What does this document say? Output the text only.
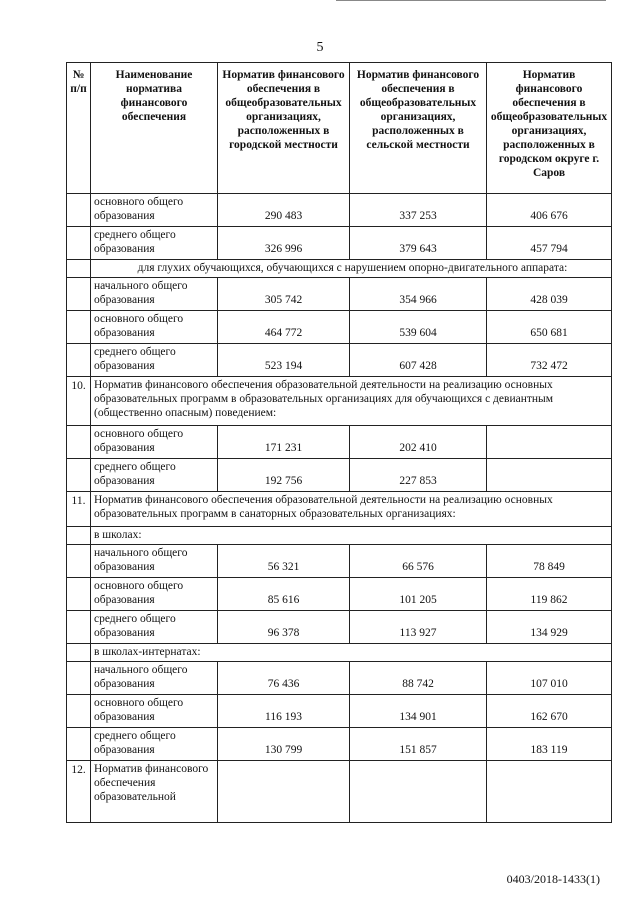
5
№ п/п	Наименование норматива финансового обеспечения	Норматив финансового обеспечения в общеобразовательных организациях, расположенных в городской местности	Норматив финансового обеспечения в общеобразовательных организациях, расположенных в сельской местности	Норматив финансового обеспечения в общеобразовательных организациях, расположенных в городском округе г. Саров
	основного общего образования	290 483	337 253	406 676
	среднего общего образования	326 996	379 643	457 794
	для глухих обучающихся, обучающихся с нарушением опорно-двигательного аппарата:			
	начального общего образования	305 742	354 966	428 039
	основного общего образования	464 772	539 604	650 681
	среднего общего образования	523 194	607 428	732 472
10.	Норматив финансового обеспечения образовательной деятельности на реализацию основных образовательных программ в образовательных организациях для обучающихся с девиантным (общественно опасным) поведением:			
	основного общего образования	171 231	202 410	
	среднего общего образования	192 756	227 853	
11.	Норматив финансового обеспечения образовательной деятельности на реализацию основных образовательных программ в санаторных образовательных организациях:			
	в школах:			
	начального общего образования	56 321	66 576	78 849
	основного общего образования	85 616	101 205	119 862
	среднего общего образования	96 378	113 927	134 929
	в школах-интернатах:			
	начального общего образования	76 436	88 742	107 010
	основного общего образования	116 193	134 901	162 670
	среднего общего образования	130 799	151 857	183 119
12.	Норматив финансового обеспечения образовательной			
0403/2018-1433(1)
